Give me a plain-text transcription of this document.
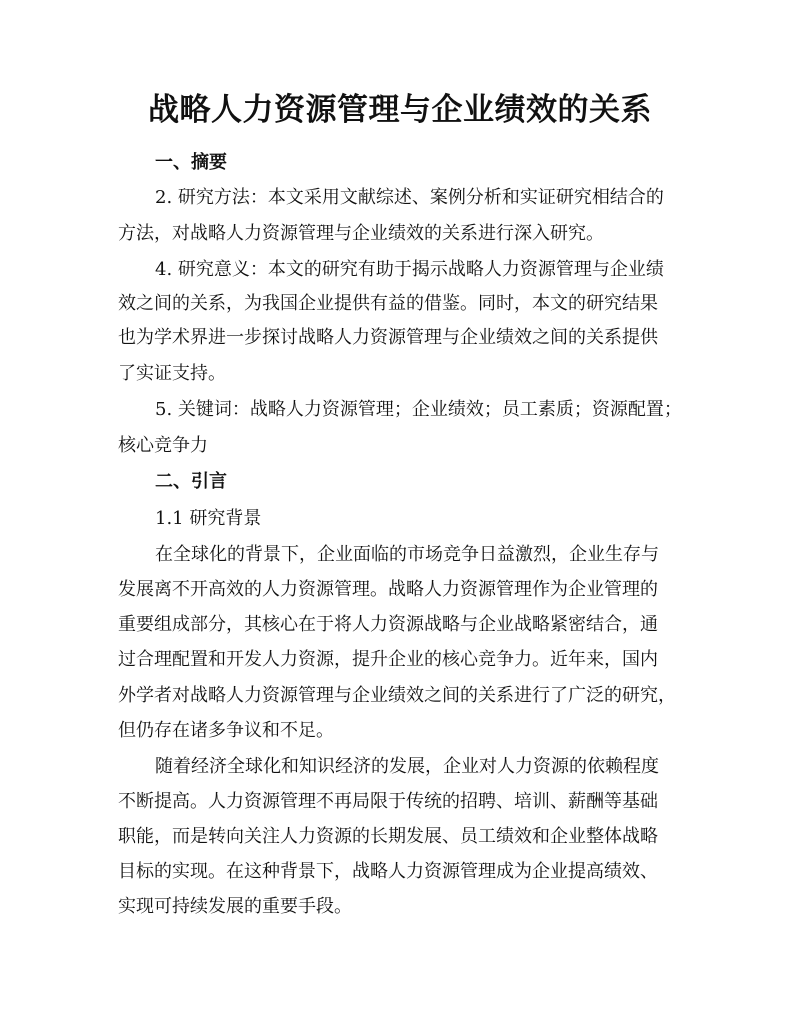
战略人力资源管理与企业绩效的关系

一、摘要

2. 研究方法：本文采用文献综述、案例分析和实证研究相结合的

方法，对战略人力资源管理与企业绩效的关系进行深入研究。

4. 研究意义：本文的研究有助于揭示战略人力资源管理与企业绩

效之间的关系，为我国企业提供有益的借鉴。同时，本文的研究结果

也为学术界进一步探讨战略人力资源管理与企业绩效之间的关系提供

了实证支持。

5. 关键词：战略人力资源管理；企业绩效；员工素质；资源配置；

核心竞争力

二、引言

1.1 研究背景

在全球化的背景下，企业面临的市场竞争日益激烈，企业生存与

发展离不开高效的人力资源管理。战略人力资源管理作为企业管理的

重要组成部分，其核心在于将人力资源战略与企业战略紧密结合，通

过合理配置和开发人力资源，提升企业的核心竞争力。近年来，国内

外学者对战略人力资源管理与企业绩效之间的关系进行了广泛的研究，

但仍存在诸多争议和不足。

随着经济全球化和知识经济的发展，企业对人力资源的依赖程度

不断提高。人力资源管理不再局限于传统的招聘、培训、薪酬等基础

职能，而是转向关注人力资源的长期发展、员工绩效和企业整体战略

目标的实现。在这种背景下，战略人力资源管理成为企业提高绩效、

实现可持续发展的重要手段。
